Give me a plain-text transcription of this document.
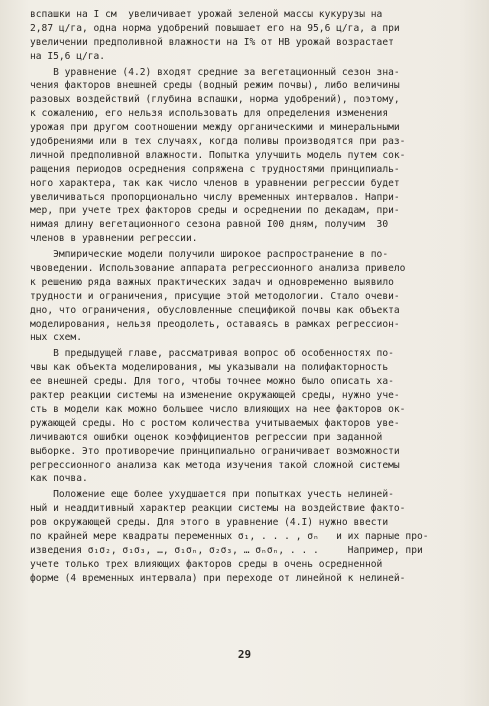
вспашки на I см  увеличивает урожай зеленой массы кукурузы на
2,87 ц/га, одна норма удобрений повышает его на 95,6 ц/га, а при
увеличении предполивной влажности на I% от НВ урожай возрастает
на I5,6 ц/га.
В уравнение (4.2) входят средние за вегетационный сезон зна-
чения факторов внешней среды (водный режим почвы), либо величины
разовых воздействий (глубина вспашки, норма удобрений), поэтому,
к сожалению, его нельзя использовать для определения изменения
урожая при другом соотношении между органическими и минеральными
удобрениями или в тех случаях, когда поливы производятся при раз-
личной предполивной влажности. Попытка улучшить модель путем сок-
ращения периодов осреднения сопряжена с трудностями принципиаль-
ного характера, так как число членов в уравнении регрессии будет
увеличиваться пропорционально числу временных интервалов. Напри-
мер, при учете трех факторов среды и осреднении по декадам, при-
нимая длину вегетационного сезона равной I00 дням, получим  30
членов в уравнении регрессии.
Эмпирические модели получили широкое распространение в по-
чвоведении. Использование аппарата регрессионного анализа привело
к решению ряда важных практических задач и одновременно выявило
трудности и ограничения, присущие этой методологии. Стало очеви-
дно, что ограничения, обусловленные спецификой почвы как объекта
моделирования, нельзя преодолеть, оставаясь в рамках регрессион-
ных схем.
В предыдущей главе, рассматривая вопрос об особенностях по-
чвы как объекта моделирования, мы указывали на полифакторность
ее внешней среды. Для того, чтобы точнее можно было описать ха-
рактер реакции системы на изменение окружающей среды, нужно уче-
сть в модели как можно большее число влияющих на нее факторов ок-
ружающей среды. Но с ростом количества учитываемых факторов уве-
личиваются ошибки оценок коэффициентов регрессии при заданной
выборке. Это противоречие принципиально ограничивает возможности
регрессионного анализа как метода изучения такой сложной системы
как почва.
Положение еще более ухудшается при попытках учесть нелиней-
ный и неаддитивный характер реакции системы на воздействие факто-
ров окружающей среды. Для этого в уравнение (4.I) нужно ввести
по крайней мере квадраты переменных σ₁, . . . , σₙ   и их парные про-
изведения σ₁σ₂, σ₁σ₃, …, σ₁σₙ, σ₂σ₃, … σₙσₙ, . . .     Например, при
учете только трех влияющих факторов среды в очень осредненной
форме (4 временных интервала) при переходе от линейной к нелиней-
29
